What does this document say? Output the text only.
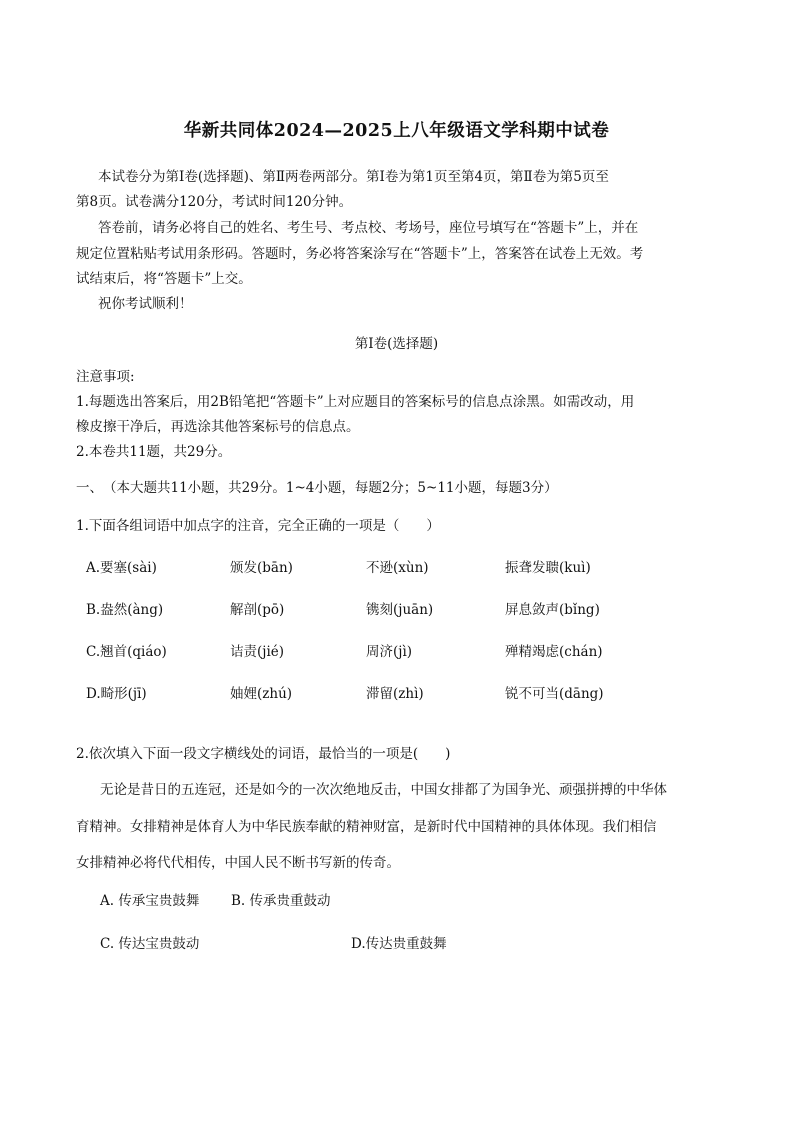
华新共同体2024—2025上八年级语文学科期中试卷
本试卷分为第Ⅰ卷(选择题)、第Ⅱ两卷两部分。第Ⅰ卷为第1页至第4页，第Ⅱ卷为第5页至
第8页。试卷满分120分，考试时间120分钟。
答卷前，请务必将自己的姓名、考生号、考点校、考场号，座位号填写在“答题卡”上，并在
规定位置粘贴考试用条形码。答题时，务必将答案涂写在“答题卡”上，答案答在试卷上无效。考
试结束后，将“答题卡”上交。
祝你考试顺利！
第Ⅰ卷(选择题)
注意事项:
1.每题选出答案后，用2B铅笔把“答题卡”上对应题目的答案标号的信息点涂黑。如需改动，用
橡皮擦干净后，再选涂其他答案标号的信息点。
2.本卷共11题，共29分。
一、　（本大题共11小题，共29分。1~4小题，每题2分；5~11小题，每题3分）
1.下面各组词语中加点字的注音，完全正确的一项是（　　）
A.要塞(sài)	颁发(bān)	不逊(xùn)	振聋发聩(kuì)
B.盎然(àng)	解剖(pō)	镌刻(juān)	屏息敛声(bǐng)
C.翘首(qiáo)	诘责(jié)	周济(jì)	殚精竭虑(chán)
D.畸形(jī)	妯娌(zhú)	滞留(zhì)	锐不可当(dāng)
2.依次填入下面一段文字横线处的词语，最恰当的一项是(　　)
无论是昔日的五连冠，还是如今的一次次绝地反击，中国女排都了为国争光、顽强拼搏的中华体
育精神。女排精神是体育人为中华民族奉献的精神财富，是新时代中国精神的具体体现。我们相信
女排精神必将代代相传，中国人民不断书写新的传奇。
A. 传承宝贵鼓舞 B. 传承贵重鼓动
C. 传达宝贵鼓动	D.传达贵重鼓舞
